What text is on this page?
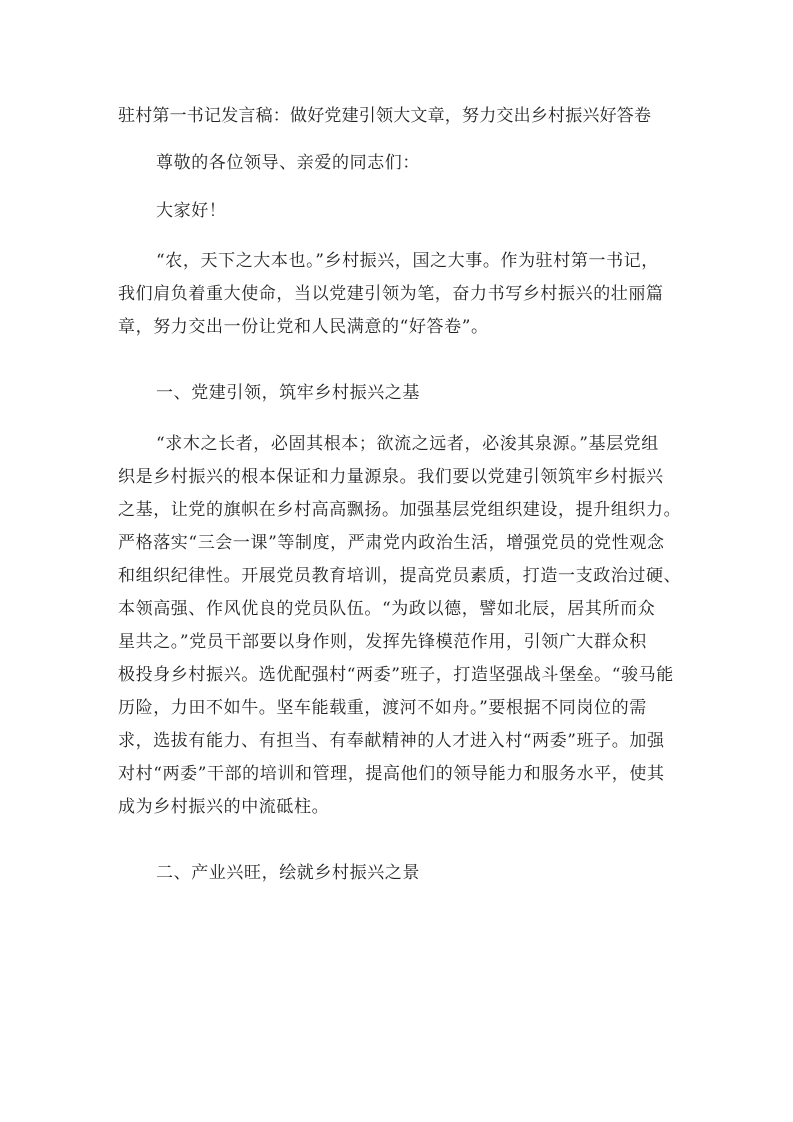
驻村第一书记发言稿：做好党建引领大文章，努力交出乡村振兴好答卷
尊敬的各位领导、亲爱的同志们：
大家好！
“农，天下之大本也。”乡村振兴，国之大事。作为驻村第一书记，
我们肩负着重大使命，当以党建引领为笔，奋力书写乡村振兴的壮丽篇
章，努力交出一份让党和人民满意的“好答卷”。
一、党建引领，筑牢乡村振兴之基
“求木之长者，必固其根本；欲流之远者，必浚其泉源。”基层党组
织是乡村振兴的根本保证和力量源泉。我们要以党建引领筑牢乡村振兴
之基，让党的旗帜在乡村高高飘扬。加强基层党组织建设，提升组织力。
严格落实“三会一课”等制度，严肃党内政治生活，增强党员的党性观念
和组织纪律性。开展党员教育培训，提高党员素质，打造一支政治过硬、
本领高强、作风优良的党员队伍。“为政以德，譬如北辰，居其所而众
星共之。”党员干部要以身作则，发挥先锋模范作用，引领广大群众积
极投身乡村振兴。选优配强村“两委”班子，打造坚强战斗堡垒。“骏马能
历险，力田不如牛。坚车能载重，渡河不如舟。”要根据不同岗位的需
求，选拔有能力、有担当、有奉献精神的人才进入村“两委”班子。加强
对村“两委”干部的培训和管理，提高他们的领导能力和服务水平，使其
成为乡村振兴的中流砥柱。
二、产业兴旺，绘就乡村振兴之景
